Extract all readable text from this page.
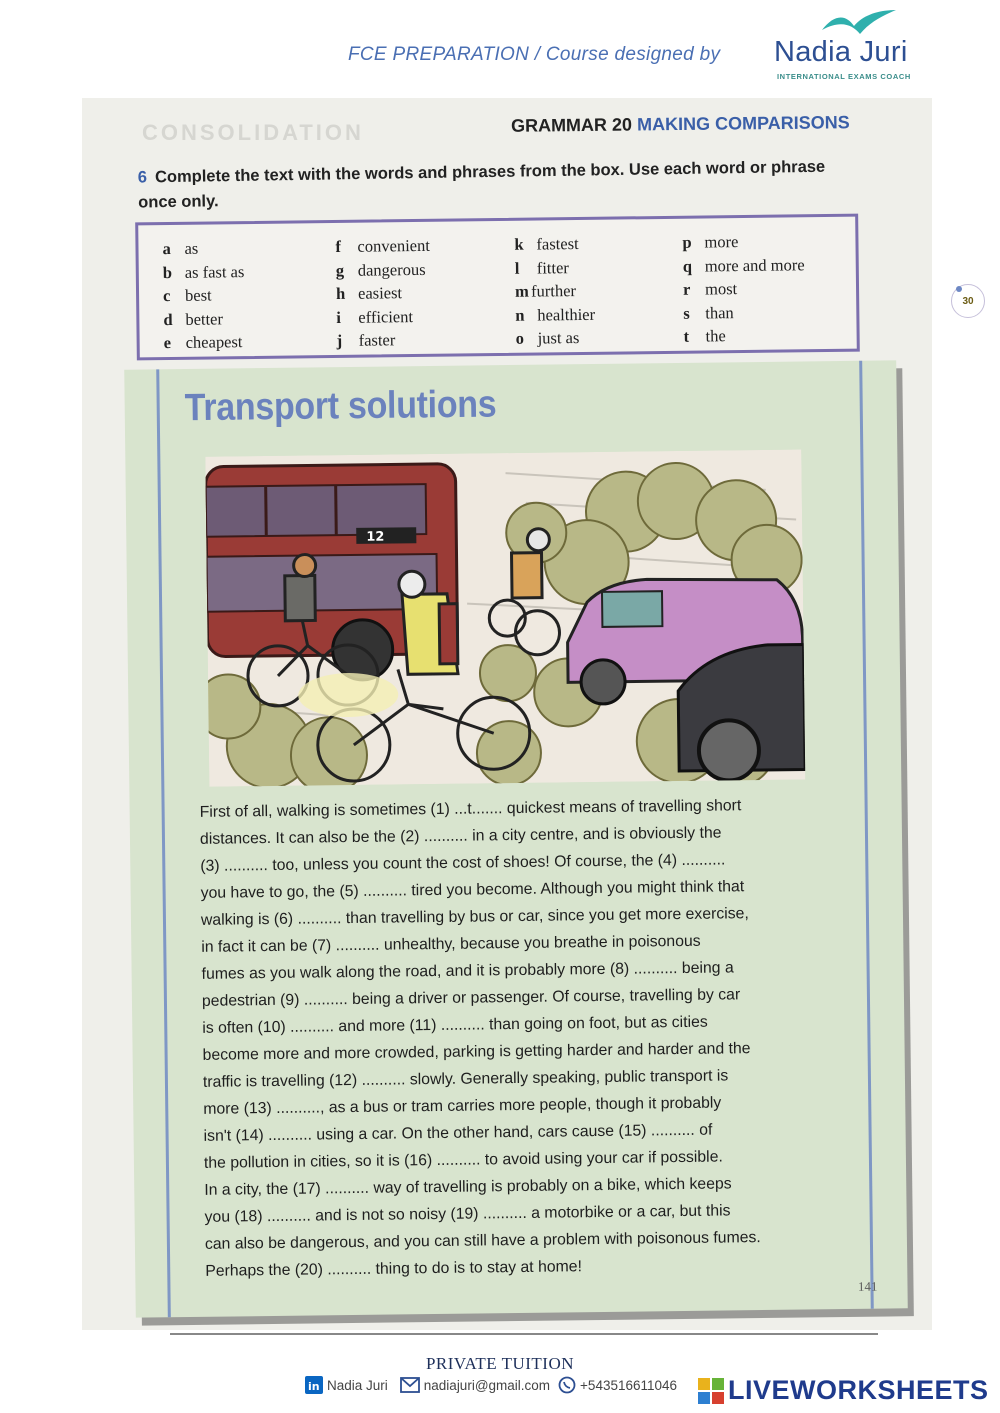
FCE PREPARATION / Course designed by Nadia Juri
INTERNATIONAL EXAMS COACH
CONSOLIDATION	GRAMMAR 20 MAKING COMPARISONS
6 Complete the text with the words and phrases from the box. Use each word or phrase once only.
a as
b as fast as
c best
d better
e cheapest
f convenient
g dangerous
h easiest
i efficient
j faster
k fastest
l fitter
m further
n healthier
o just as
p more
q more and more
r most
s than
t the
30
Transport solutions
12

First of all, walking is sometimes (1) ...t....... quickest means of travelling short

distances. It can also be the (2) .......... in a city centre, and is obviously the

(3) .......... too, unless you count the cost of shoes! Of course, the (4) ..........

you have to go, the (5) .......... tired you become. Although you might think that

walking is (6) .......... than travelling by bus or car, since you get more exercise,

in fact it can be (7) .......... unhealthy, because you breathe in poisonous

fumes as you walk along the road, and it is probably more (8) .......... being a

pedestrian (9) .......... being a driver or passenger. Of course, travelling by car

is often (10) .......... and more (11) .......... than going on foot, but as cities

become more and more crowded, parking is getting harder and harder and the

traffic is travelling (12) .......... slowly. Generally speaking, public transport is

more (13) .........., as a bus or tram carries more people, though it probably

isn't (14) .......... using a car. On the other hand, cars cause (15) .......... of

the pollution in cities, so it is (16) .......... to avoid using your car if possible.

In a city, the (17) .......... way of travelling is probably on a bike, which keeps

you (18) .......... and is not so noisy (19) .......... a motorbike or a car, but this

can also be dangerous, and you can still have a problem with poisonous fumes.

Perhaps the (20) .......... thing to do is to stay at home!

141
PRIVATE TUITION
in Nadia Juri	nadiajuri@gmail.com +543516611046 LIVEWORKSHEETS
